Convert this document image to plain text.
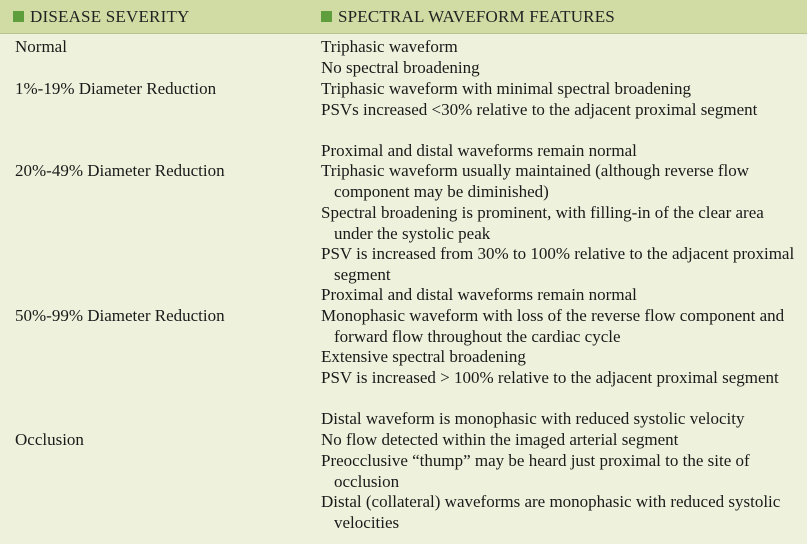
DISEASE SEVERITY	SPECTRAL WAVEFORM FEATURES
Normal	Triphasic waveform
No spectral broadening
1%-19% Diameter Reduction	Triphasic waveform with minimal spectral broadening
PSVs increased <30% relative to the adjacent proximal segment
Proximal and distal waveforms remain normal
20%-49% Diameter Reduction	Triphasic waveform usually maintained (although reverse flow component may be diminished)
Spectral broadening is prominent, with filling-in of the clear area under the systolic peak
PSV is increased from 30% to 100% relative to the adjacent proximal segment
Proximal and distal waveforms remain normal
50%-99% Diameter Reduction	Monophasic waveform with loss of the reverse flow component and forward flow throughout the cardiac cycle
Extensive spectral broadening
PSV is increased > 100% relative to the adjacent proximal segment
Distal waveform is monophasic with reduced systolic velocity
Occlusion	No flow detected within the imaged arterial segment
Preocclusive “thump” may be heard just proximal to the site of occlusion
Distal (collateral) waveforms are monophasic with reduced systolic velocities
